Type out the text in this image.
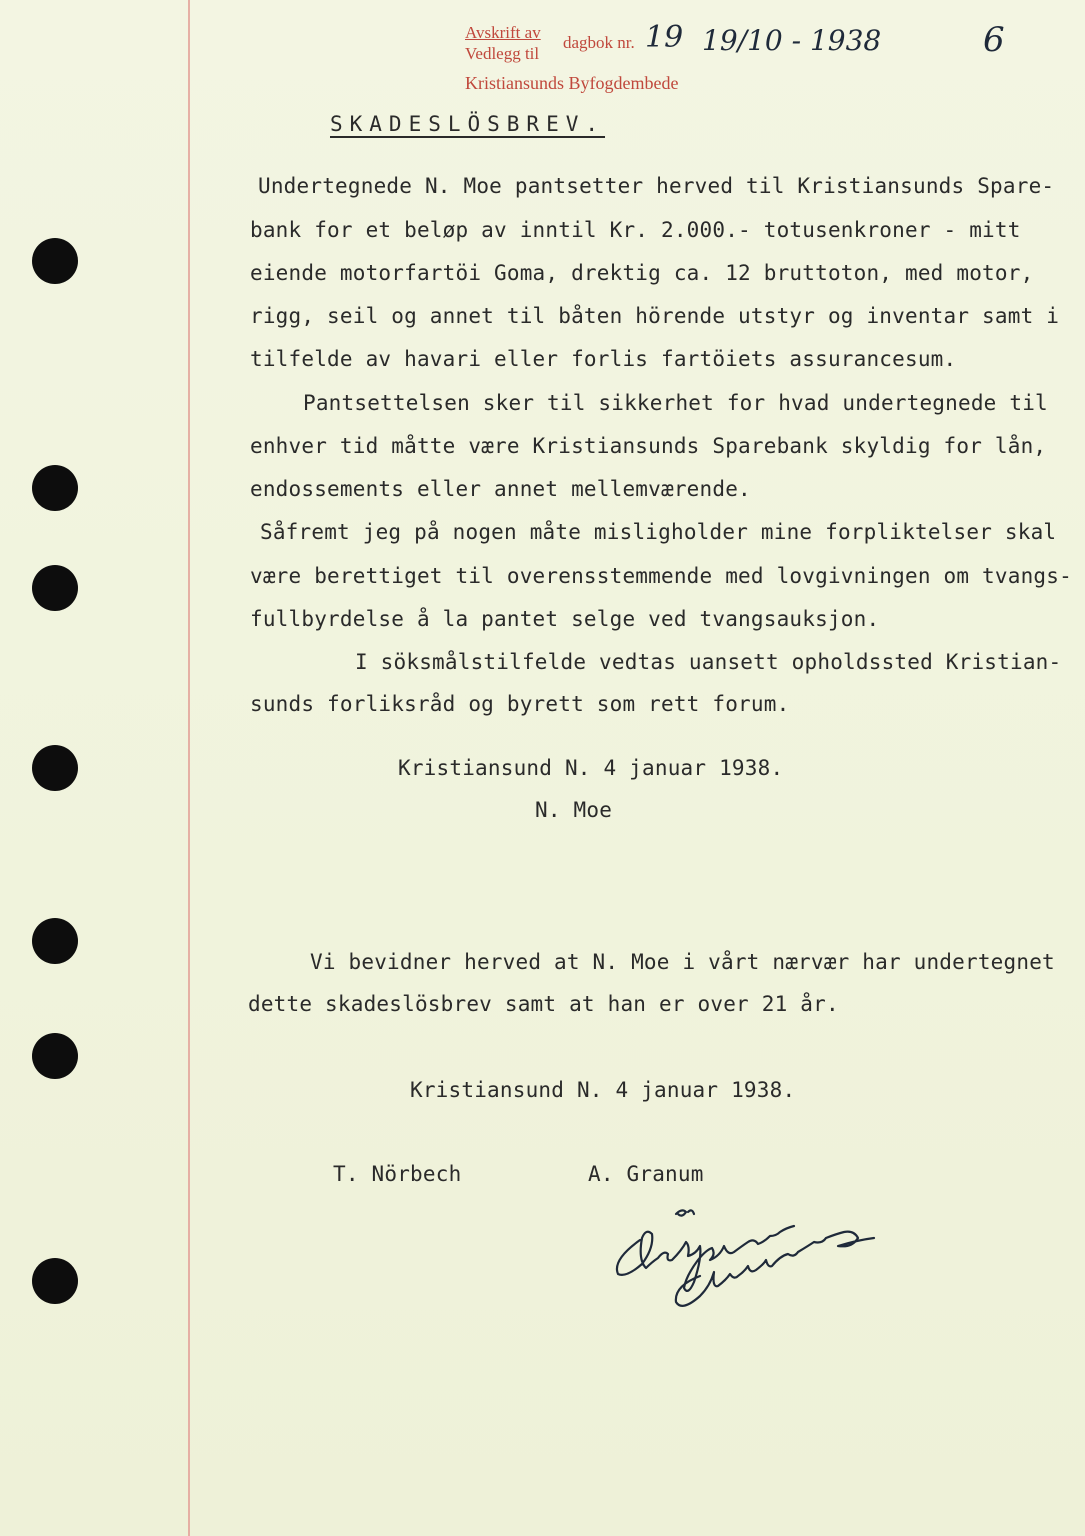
Avskrift av
Vedlegg til
dagbok nr.
Kristiansunds Byfogdembede
19 19/10 - 1938	6
SKADESLÖSBREV.
Undertegnede N. Moe pantsetter herved til Kristiansunds Spare-
bank for et beløp av inntil Kr. 2.000.- totusenkroner - mitt
eiende motorfartöi Goma, drektig ca. 12 bruttoton, med motor,
rigg, seil og annet til båten hörende utstyr og inventar samt i
tilfelde av havari eller forlis fartöiets assurancesum.
Pantsettelsen sker til sikkerhet for hvad undertegnede til
enhver tid måtte være Kristiansunds Sparebank skyldig for lån,
endossements eller annet mellemværende.
Såfremt jeg på nogen måte misligholder mine forpliktelser skal
være berettiget til overensstemmende med lovgivningen om tvangs-
fullbyrdelse å la pantet selge ved tvangsauksjon.
I söksmålstilfelde vedtas uansett opholdssted Kristian-
sunds forliksråd og byrett som rett forum.
Kristiansund N. 4 januar 1938.
N. Moe
Vi bevidner herved at N. Moe i vårt nærvær har undertegnet
dette skadeslösbrev samt at han er over 21 år.
Kristiansund N. 4 januar 1938.
T. Nörbech	A. Granum
